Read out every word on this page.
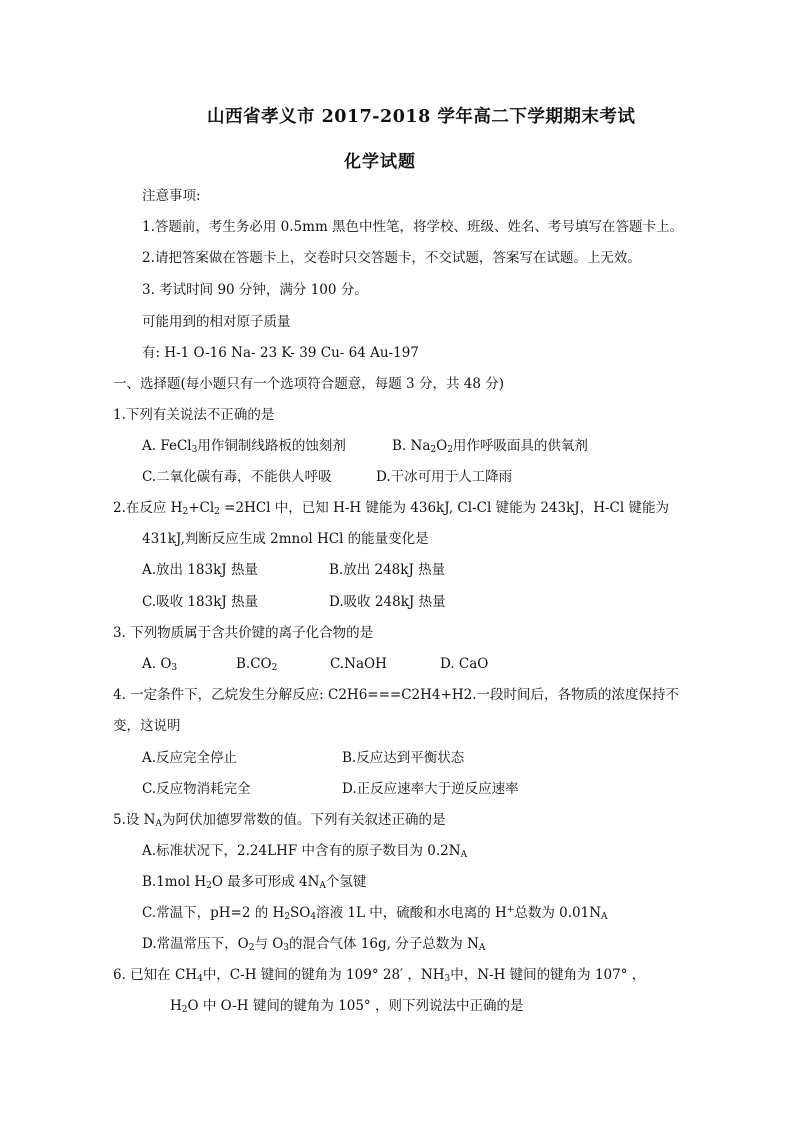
山西省孝义市 2017-2018 学年高二下学期期末考试
化学试题
注意事项:
1.答题前，考生务必用 0.5mm 黑色中性笔，将学校、班级、姓名、考号填写在答题卡上。
2.请把答案做在答题卡上，交卷时只交答题卡，不交试题，答案写在试题。上无效。
3. 考试时间 90 分钟，满分 100 分。
可能用到的相对原子质量
有: H-1 O-16 Na- 23 K- 39 Cu- 64 Au-197
一、选择题(每小题只有一个选项符合题意，每题 3 分，共 48 分)
1.下列有关说法不正确的是
A. FeCl$_3$用作铜制线路板的蚀刻剂	B. $Na_2O_2$用作呼吸面具的供氧剂
C.二氧化碳有毒，不能供人呼吸	D.干冰可用于人工降雨
2.在反应 $H_2+Cl_2 =2HCl$ 中，已知 H-H 键能为 436kJ, Cl-Cl 键能为 243kJ，H-Cl 键能为
431kJ,判断反应生成 2mnol HCl 的能量变化是
A.放出 183kJ 热量	B.放出 248kJ 热量
C.吸收 183kJ 热量	D.吸收 248kJ 热量
3. 下列物质属于含共价键的离子化合物的是
A. $O_3$	$B.CO_2$	C.NaOH	D. CaO
4. 一定条件下，乙烷发生分解反应: C2H6===C2H4+H2.一段时间后，各物质的浓度保持不
变，这说明
A.反应完全停止	B.反应达到平衡状态
C.反应物消耗完全	D.正反应速率大于逆反应速率
5.设 $N_A$为阿伏加德罗常数的值。下列有关叙述正确的是
A.标准状况下，2.24LHF 中含有的原子数目为 $0.2N_A$
B.1mol $H_2O$ 最多可形成 $4N_A$个氢键
C.常温下，pH=2 的 $H_2SO_4$溶液 1L 中，硫酸和水电离的 H+总数为 $0.01N_A$
D.常温常压下，$O_2$与 $O_3$的混合气体 16g, 分子总数为 $N_A$
6. 已知在 $CH_4$中，C-H 键间的键角为 109° 28′ ，$NH_3$中，N-H 键间的键角为 107° ，
$H_2O$ 中 O-H 键间的键角为 105° ，则下列说法中正确的是
